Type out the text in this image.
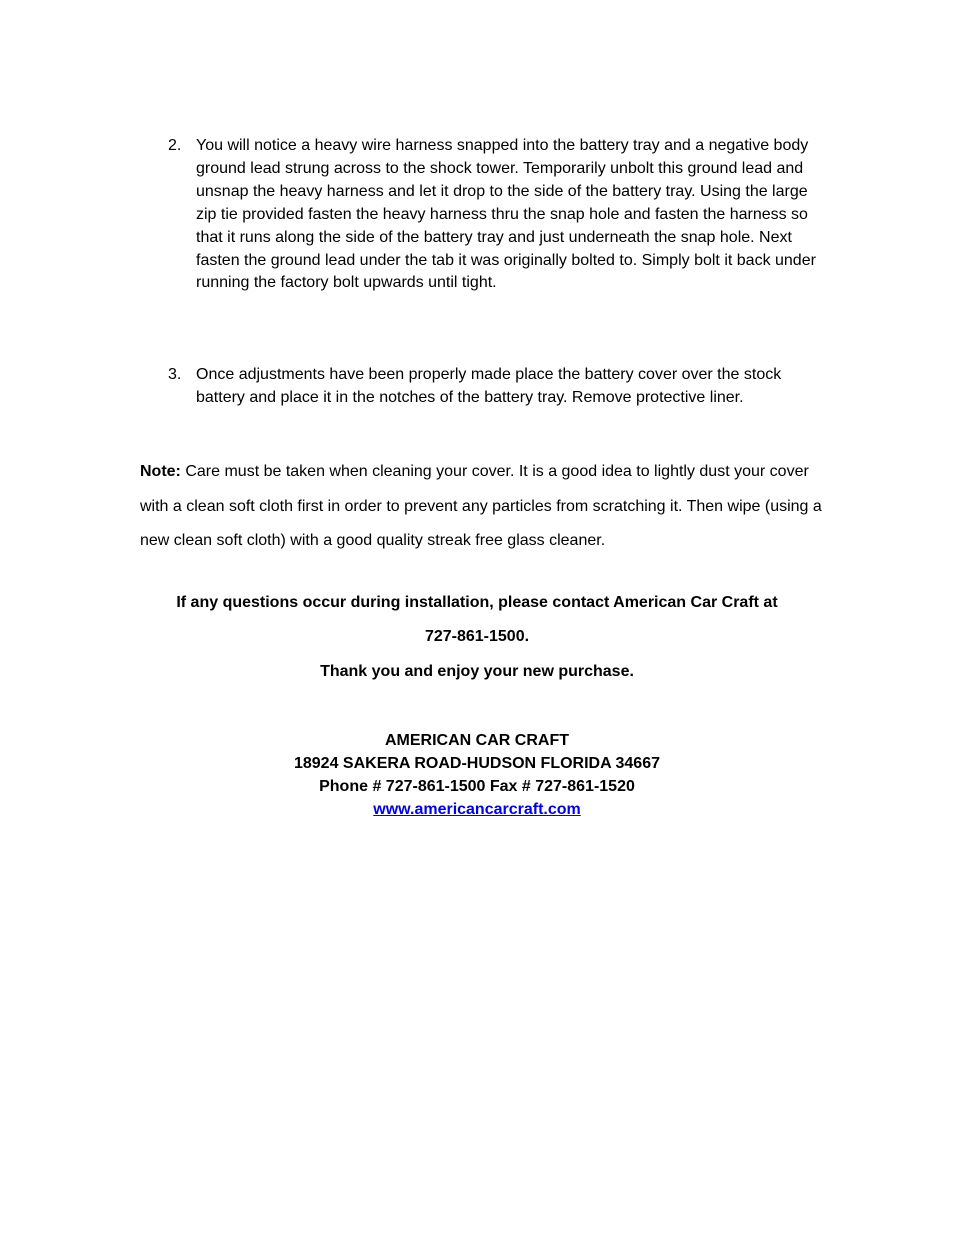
2. You will notice a heavy wire harness snapped into the battery tray and a negative body ground lead strung across to the shock tower. Temporarily unbolt this ground lead and unsnap the heavy harness and let it drop to the side of the battery tray. Using the large zip tie provided fasten the heavy harness thru the snap hole and fasten the harness so that it runs along the side of the battery tray and just underneath the snap hole. Next fasten the ground lead under the tab it was originally bolted to. Simply bolt it back under running the factory bolt upwards until tight.
3. Once adjustments have been properly made place the battery cover over the stock battery and place it in the notches of the battery tray. Remove protective liner.
Note: Care must be taken when cleaning your cover. It is a good idea to lightly dust your cover with a clean soft cloth first in order to prevent any particles from scratching it. Then wipe (using a new clean soft cloth) with a good quality streak free glass cleaner.
If any questions occur during installation, please contact American Car Craft at
727-861-1500.
Thank you and enjoy your new purchase.
AMERICAN CAR CRAFT
18924 SAKERA ROAD-HUDSON FLORIDA 34667
Phone # 727-861-1500 Fax # 727-861-1520
www.americancarcraft.com
